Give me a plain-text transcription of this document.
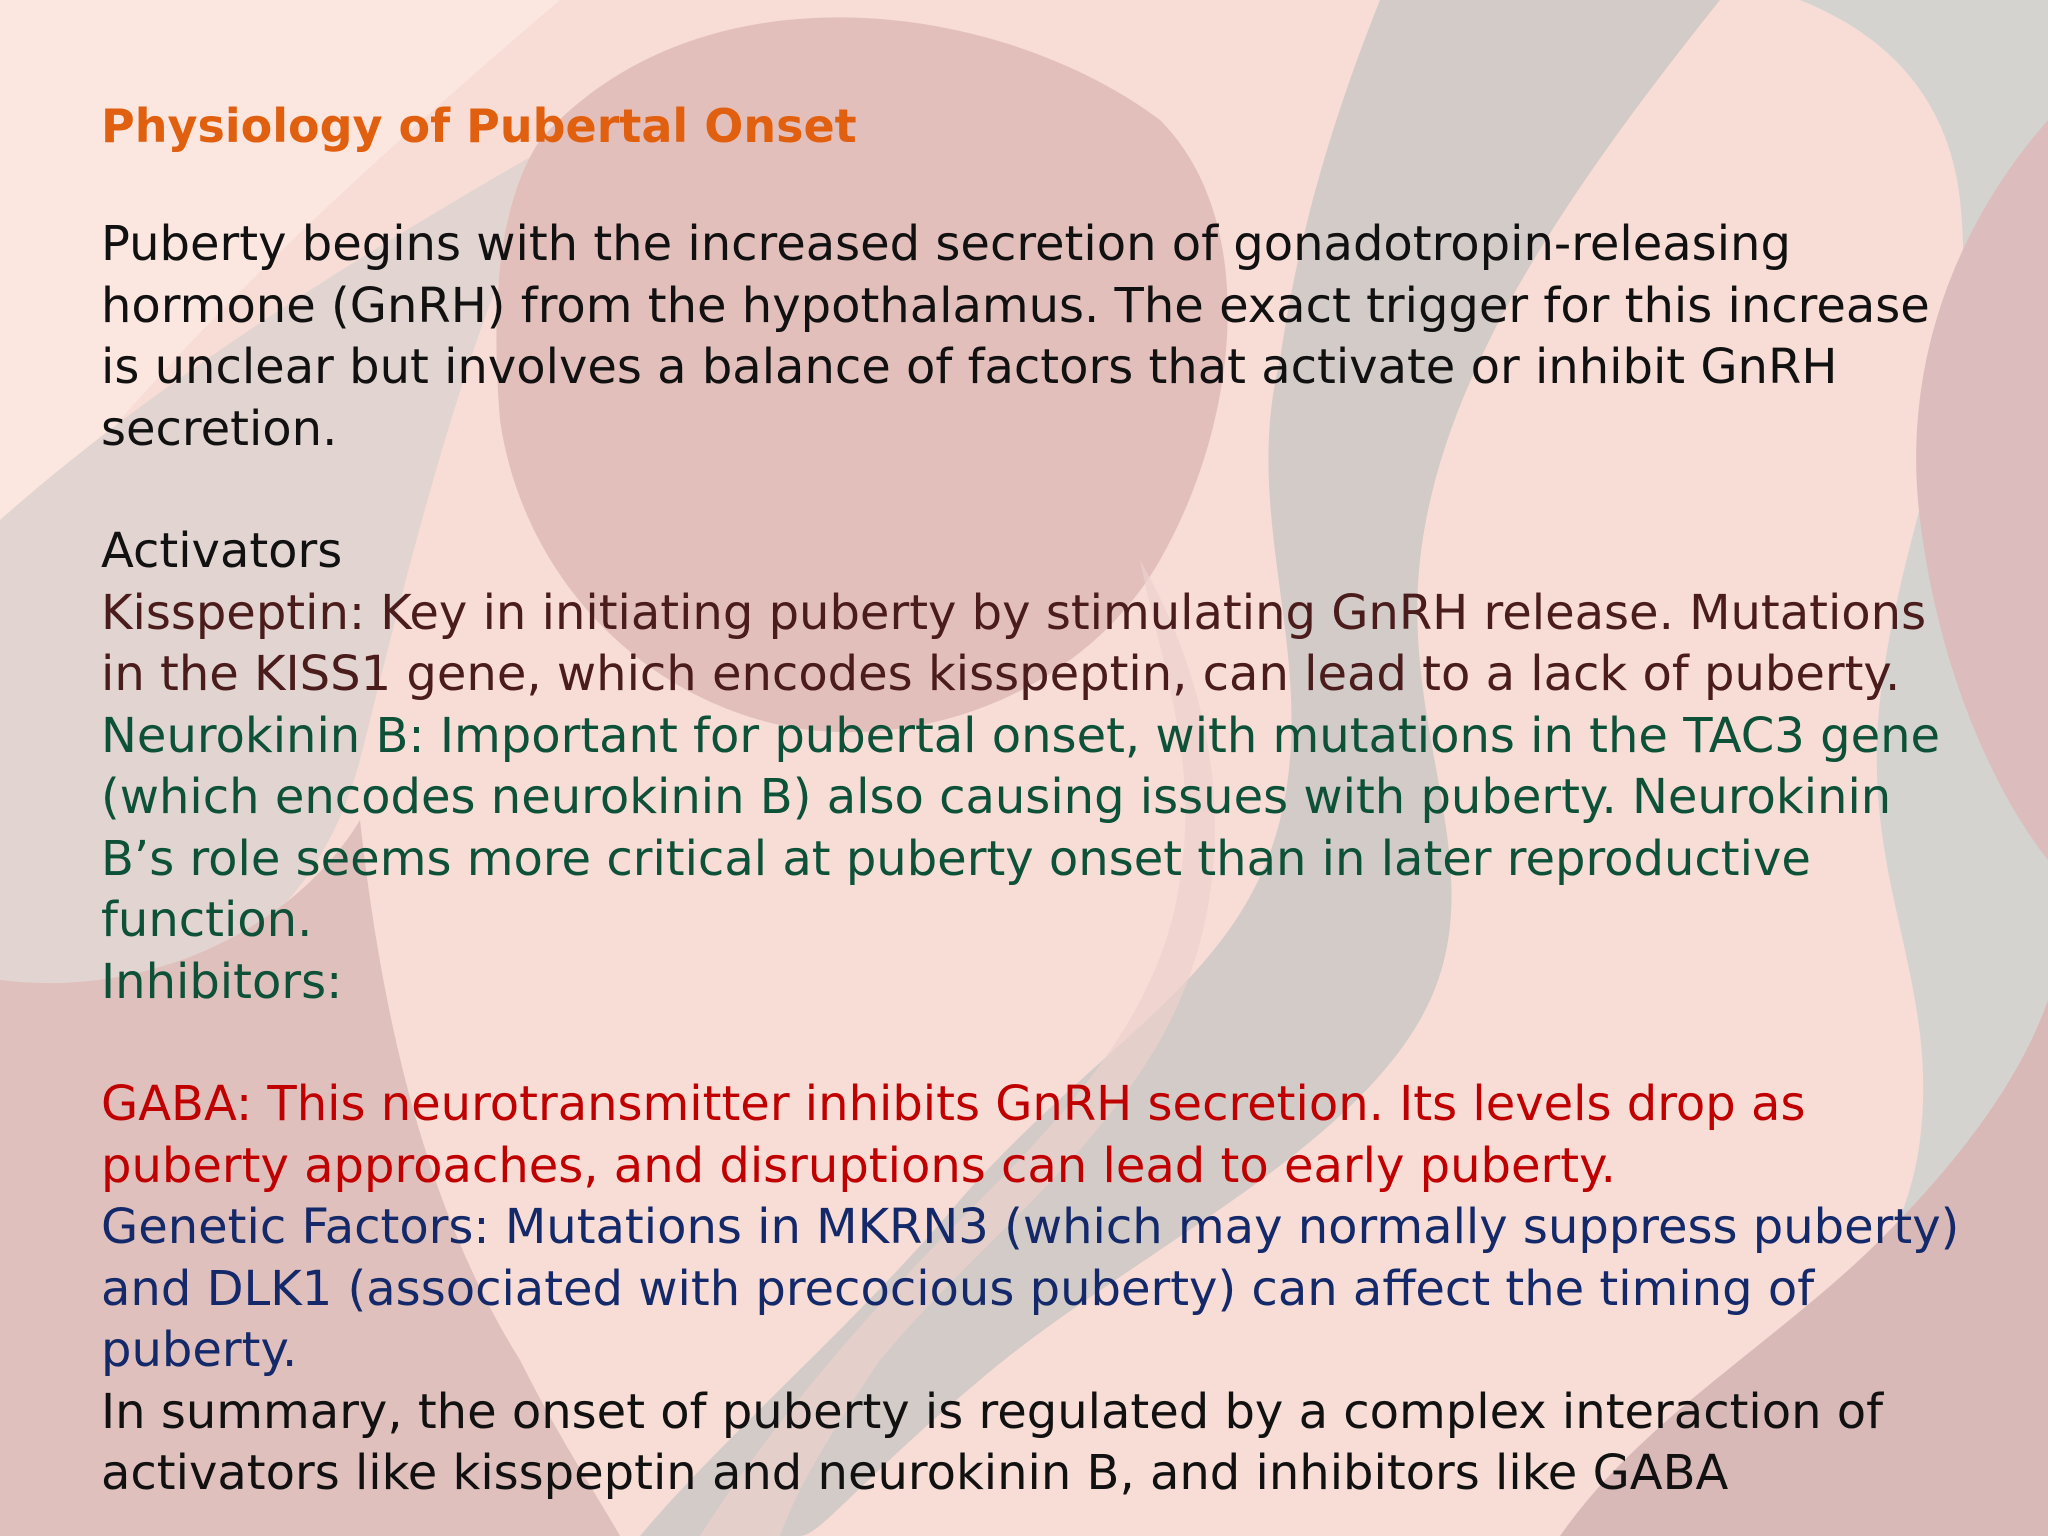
Physiology of Pubertal Onset

Puberty begins with the increased secretion of gonadotropin-releasing hormone (GnRH) from the hypothalamus. The exact trigger for this increase is unclear but involves a balance of factors that activate or inhibit GnRH secretion.

Activators

Kisspeptin: Key in initiating puberty by stimulating GnRH release. Mutations in the KISS1 gene, which encodes kisspeptin, can lead to a lack of puberty.

Neurokinin B: Important for pubertal onset, with mutations in the TAC3 gene (which encodes neurokinin B) also causing issues with puberty. Neurokinin B’s role seems more critical at puberty onset than in later reproductive function.

Inhibitors:

GABA: This neurotransmitter inhibits GnRH secretion. Its levels drop as puberty approaches, and disruptions can lead to early puberty.

Genetic Factors: Mutations in MKRN3 (which may normally suppress puberty) and DLK1 (associated with precocious puberty) can affect the timing of puberty.

In summary, the onset of puberty is regulated by a complex interaction of activators like kisspeptin and neurokinin B, and inhibitors like GABA
